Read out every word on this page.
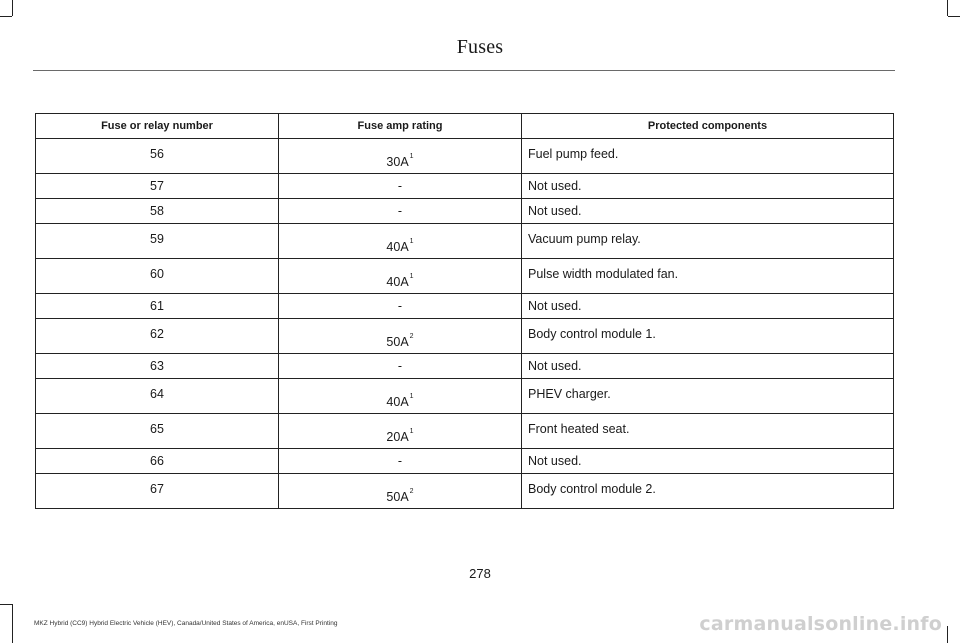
Fuses
Fuse or relay number	Fuse amp rating	Protected components

56	$30A^1$	Fuel pump feed.

57	-	Not used.

58	-	Not used.

59	$40A^1$	Vacuum pump relay.

60	$40A^1$	Pulse width modulated fan.

61	-	Not used.

62	$50A^2$	Body control module 1.

63	-	Not used.

64	$40A^1$	PHEV charger.

65	$20A^1$	Front heated seat.

66	-	Not used.

67	$50A^2$	Body control module 2.
278
MKZ Hybrid (CC9) Hybrid Electric Vehicle (HEV), Canada/United States of America, enUSA, First Printing	carmanualsonline.info
